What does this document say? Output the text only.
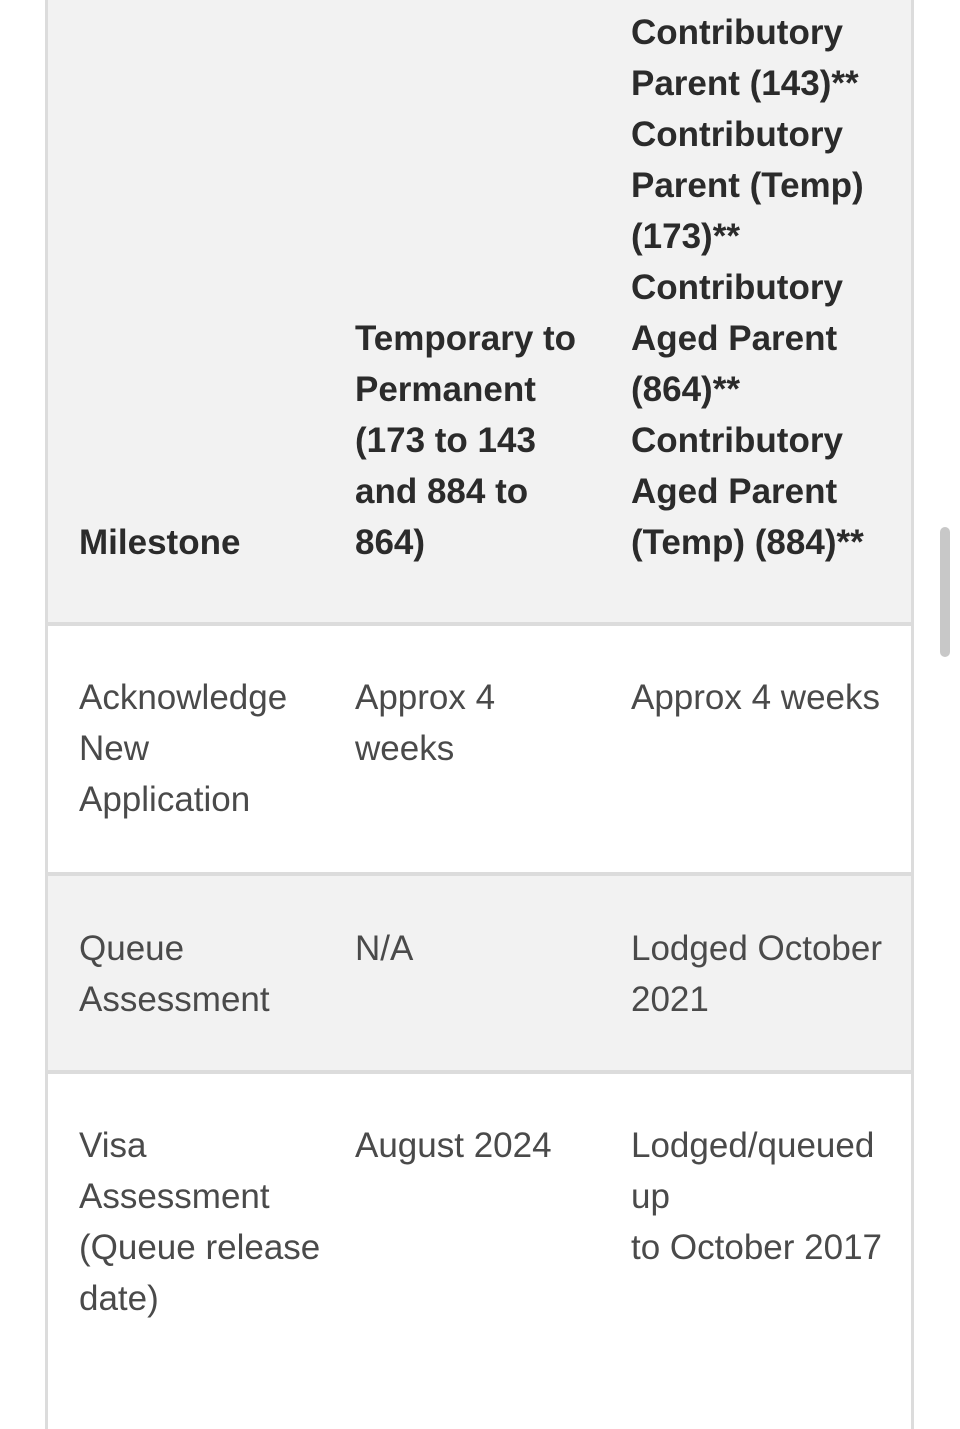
Milestone	Temporary to Permanent (173 to 143 and 884 to 864)	Contributory Parent (143)**
Contributory Parent (Temp) (173)**
Contributory Aged Parent (864)**
Contributory Aged Parent (Temp) (884)**

Acknowledge New Application	Approx 4 weeks	Approx 4 weeks

Queue Assessment	N/A	Lodged October 2021

Visa Assessment (Queue release date)	August 2024	Lodged/queued up
to October 2017
